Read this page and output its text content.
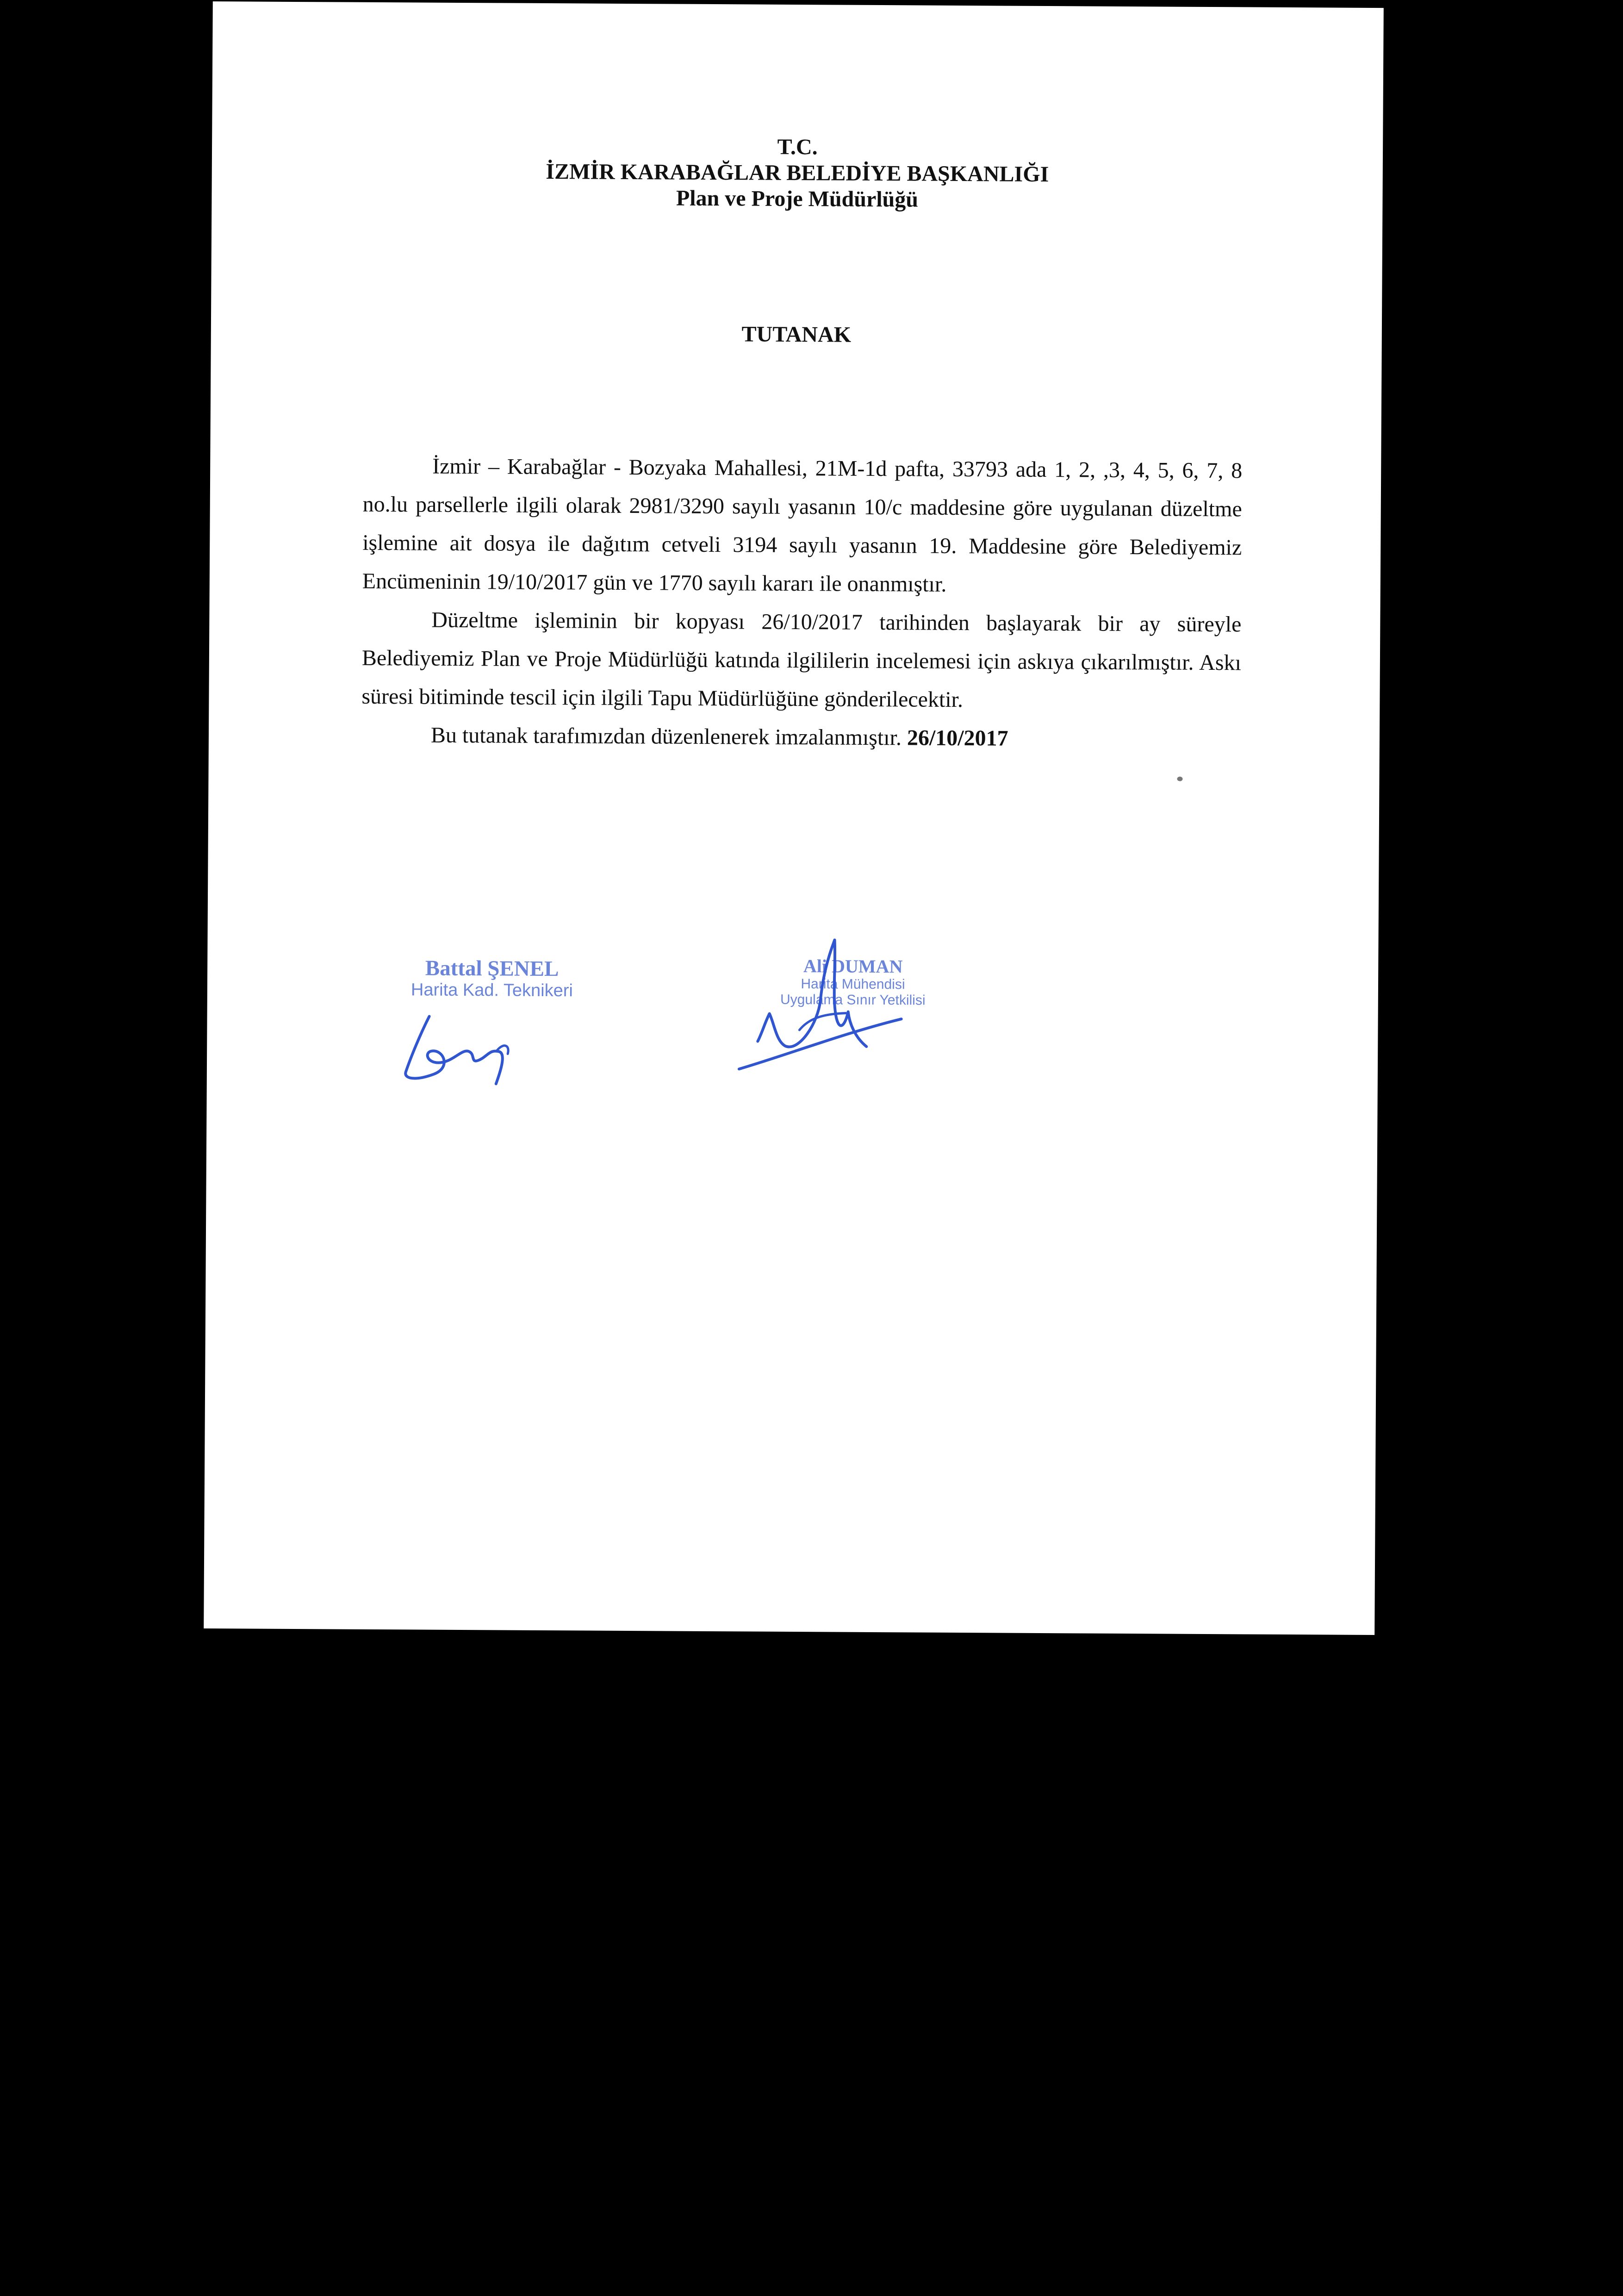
T.C.
İZMİR KARABAĞLAR BELEDİYE BAŞKANLIĞI
Plan ve Proje Müdürlüğü
TUTANAK

İzmir – Karabağlar - Bozyaka Mahallesi, 21M-1d pafta, 33793 ada 1, 2, ,3, 4, 5, 6, 7, 8 no.lu parsellerle ilgili olarak 2981/3290 sayılı yasanın 10/c maddesine göre uygulanan düzeltme işlemine ait dosya ile dağıtım cetveli 3194 sayılı yasanın 19. Maddesine göre Belediyemiz Encümeninin 19/10/2017 gün ve 1770 sayılı kararı ile onanmıştır.

Düzeltme işleminin bir kopyası 26/10/2017 tarihinden başlayarak bir ay süreyle Belediyemiz Plan ve Proje Müdürlüğü katında ilgililerin incelemesi için askıya çıkarılmıştır. Askı süresi bitiminde tescil için ilgili Tapu Müdürlüğüne gönderilecektir.

Bu tutanak tarafımızdan düzenlenerek imzalanmıştır. 26/10/2017

Battal ŞENEL
Harita Kad. Teknikeri
Ali DUMAN
Harita Mühendisi
Uygulama Sınır Yetkilisi
